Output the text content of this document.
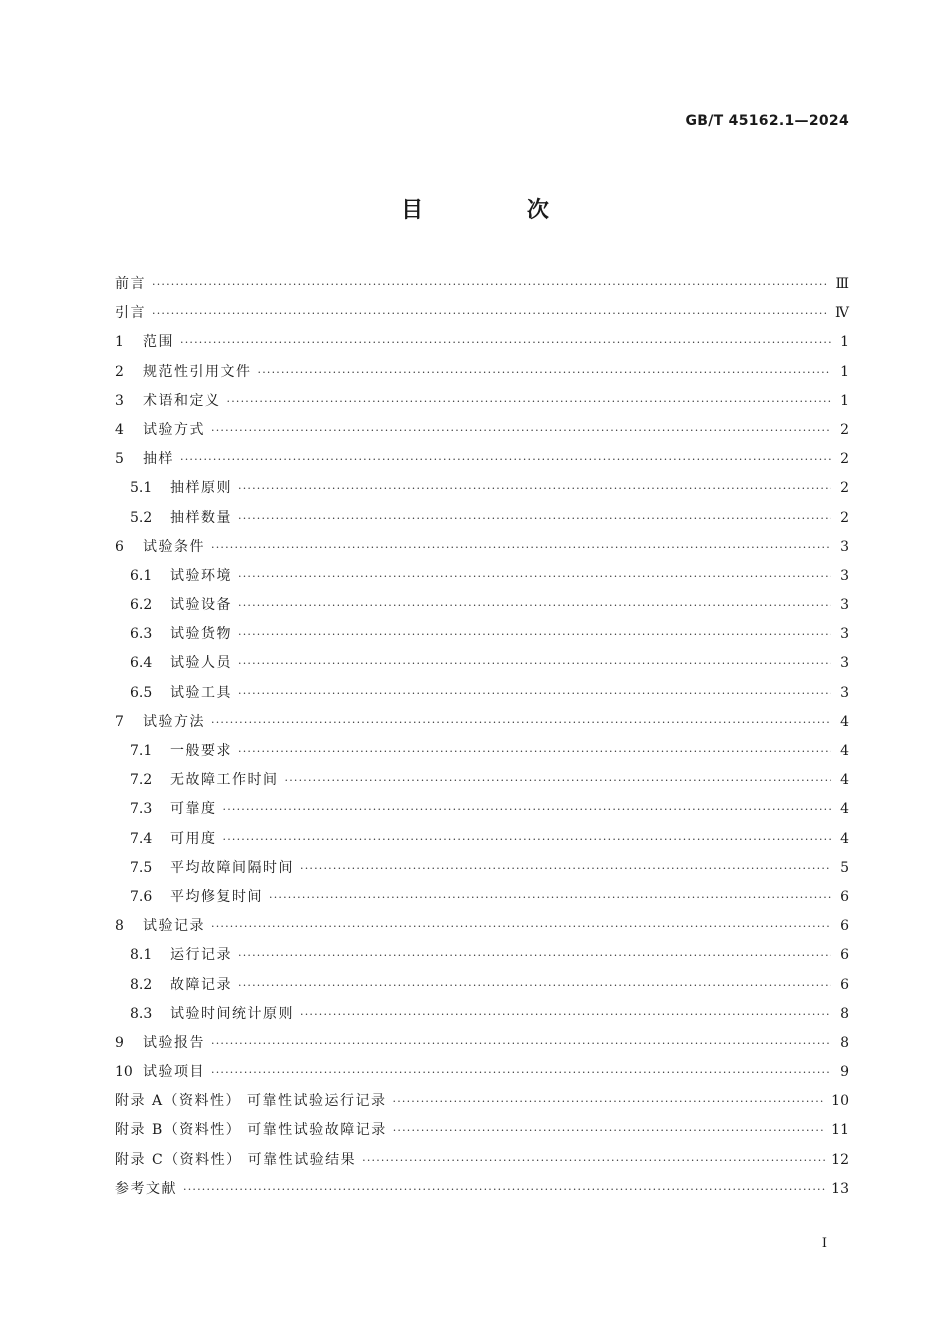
GB/T 45162.1—2024
目 次
前言 ·····	Ⅲ
引言 ·····	Ⅳ
1	范围 ·····	1
2	规范性引用文件 ·····	1
3	术语和定义 ·····	1
4	试验方式 ·····	2
5	抽样 ·····	2
5.1	抽样原则 ·····	2
5.2	抽样数量 ·····	2
6	试验条件 ·····	3
6.1	试验环境 ·····	3
6.2	试验设备 ·····	3
6.3	试验货物 ·····	3
6.4	试验人员 ·····	3
6.5	试验工具 ·····	3
7	试验方法 ·····	4
7.1	一般要求 ·····	4
7.2	无故障工作时间 ·····	4
7.3	可靠度 ·····	4
7.4	可用度 ·····	4
7.5	平均故障间隔时间 ·····	5
7.6	平均修复时间 ·····	6
8	试验记录 ·····	6
8.1	运行记录 ·····	6
8.2	故障记录 ·····	6
8.3	试验时间统计原则 ·····	8
9	试验报告 ·····	8
10 试验项目 ·····	9
附录 A（资料性） 可靠性试验运行记录 ·····	10
附录 B（资料性） 可靠性试验故障记录 ·····	11
附录 C（资料性） 可靠性试验结果 ·····	12
参考文献 ·····	13
I
